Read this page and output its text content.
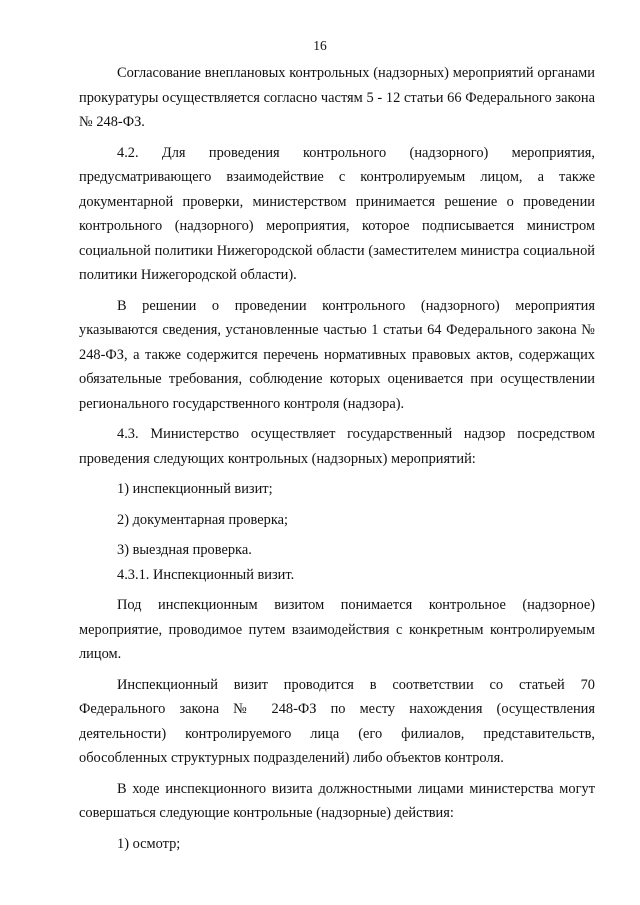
16

Согласование внеплановых контрольных (надзорных) мероприятий органами прокуратуры осуществляется согласно частям 5 - 12 статьи 66 Федерального закона № 248-ФЗ.

4.2. Для проведения контрольного (надзорного) мероприятия, предусматривающего взаимодействие с контролируемым лицом, а также документарной проверки, министерством принимается решение о проведении контрольного (надзорного) мероприятия, которое подписывается министром социальной политики Нижегородской области (заместителем министра социальной политики Нижегородской области).

В решении о проведении контрольного (надзорного) мероприятия указываются сведения, установленные частью 1 статьи 64 Федерального закона № 248-ФЗ, а также содержится перечень нормативных правовых актов, содержащих обязательные требования, соблюдение которых оценивается при осуществлении регионального государственного контроля (надзора).

4.3. Министерство осуществляет государственный надзор посредством проведения следующих контрольных (надзорных) мероприятий:

1) инспекционный визит;

2) документарная проверка;

3) выездная проверка.

4.3.1. Инспекционный визит.

Под инспекционным визитом понимается контрольное (надзорное) мероприятие, проводимое путем взаимодействия с конкретным контролируемым лицом.

Инспекционный визит проводится в соответствии со статьей 70 Федерального закона № 248-ФЗ по месту нахождения (осуществления деятельности) контролируемого лица (его филиалов, представительств, обособленных структурных подразделений) либо объектов контроля.

В ходе инспекционного визита должностными лицами министерства могут совершаться следующие контрольные (надзорные) действия:

1) осмотр;
